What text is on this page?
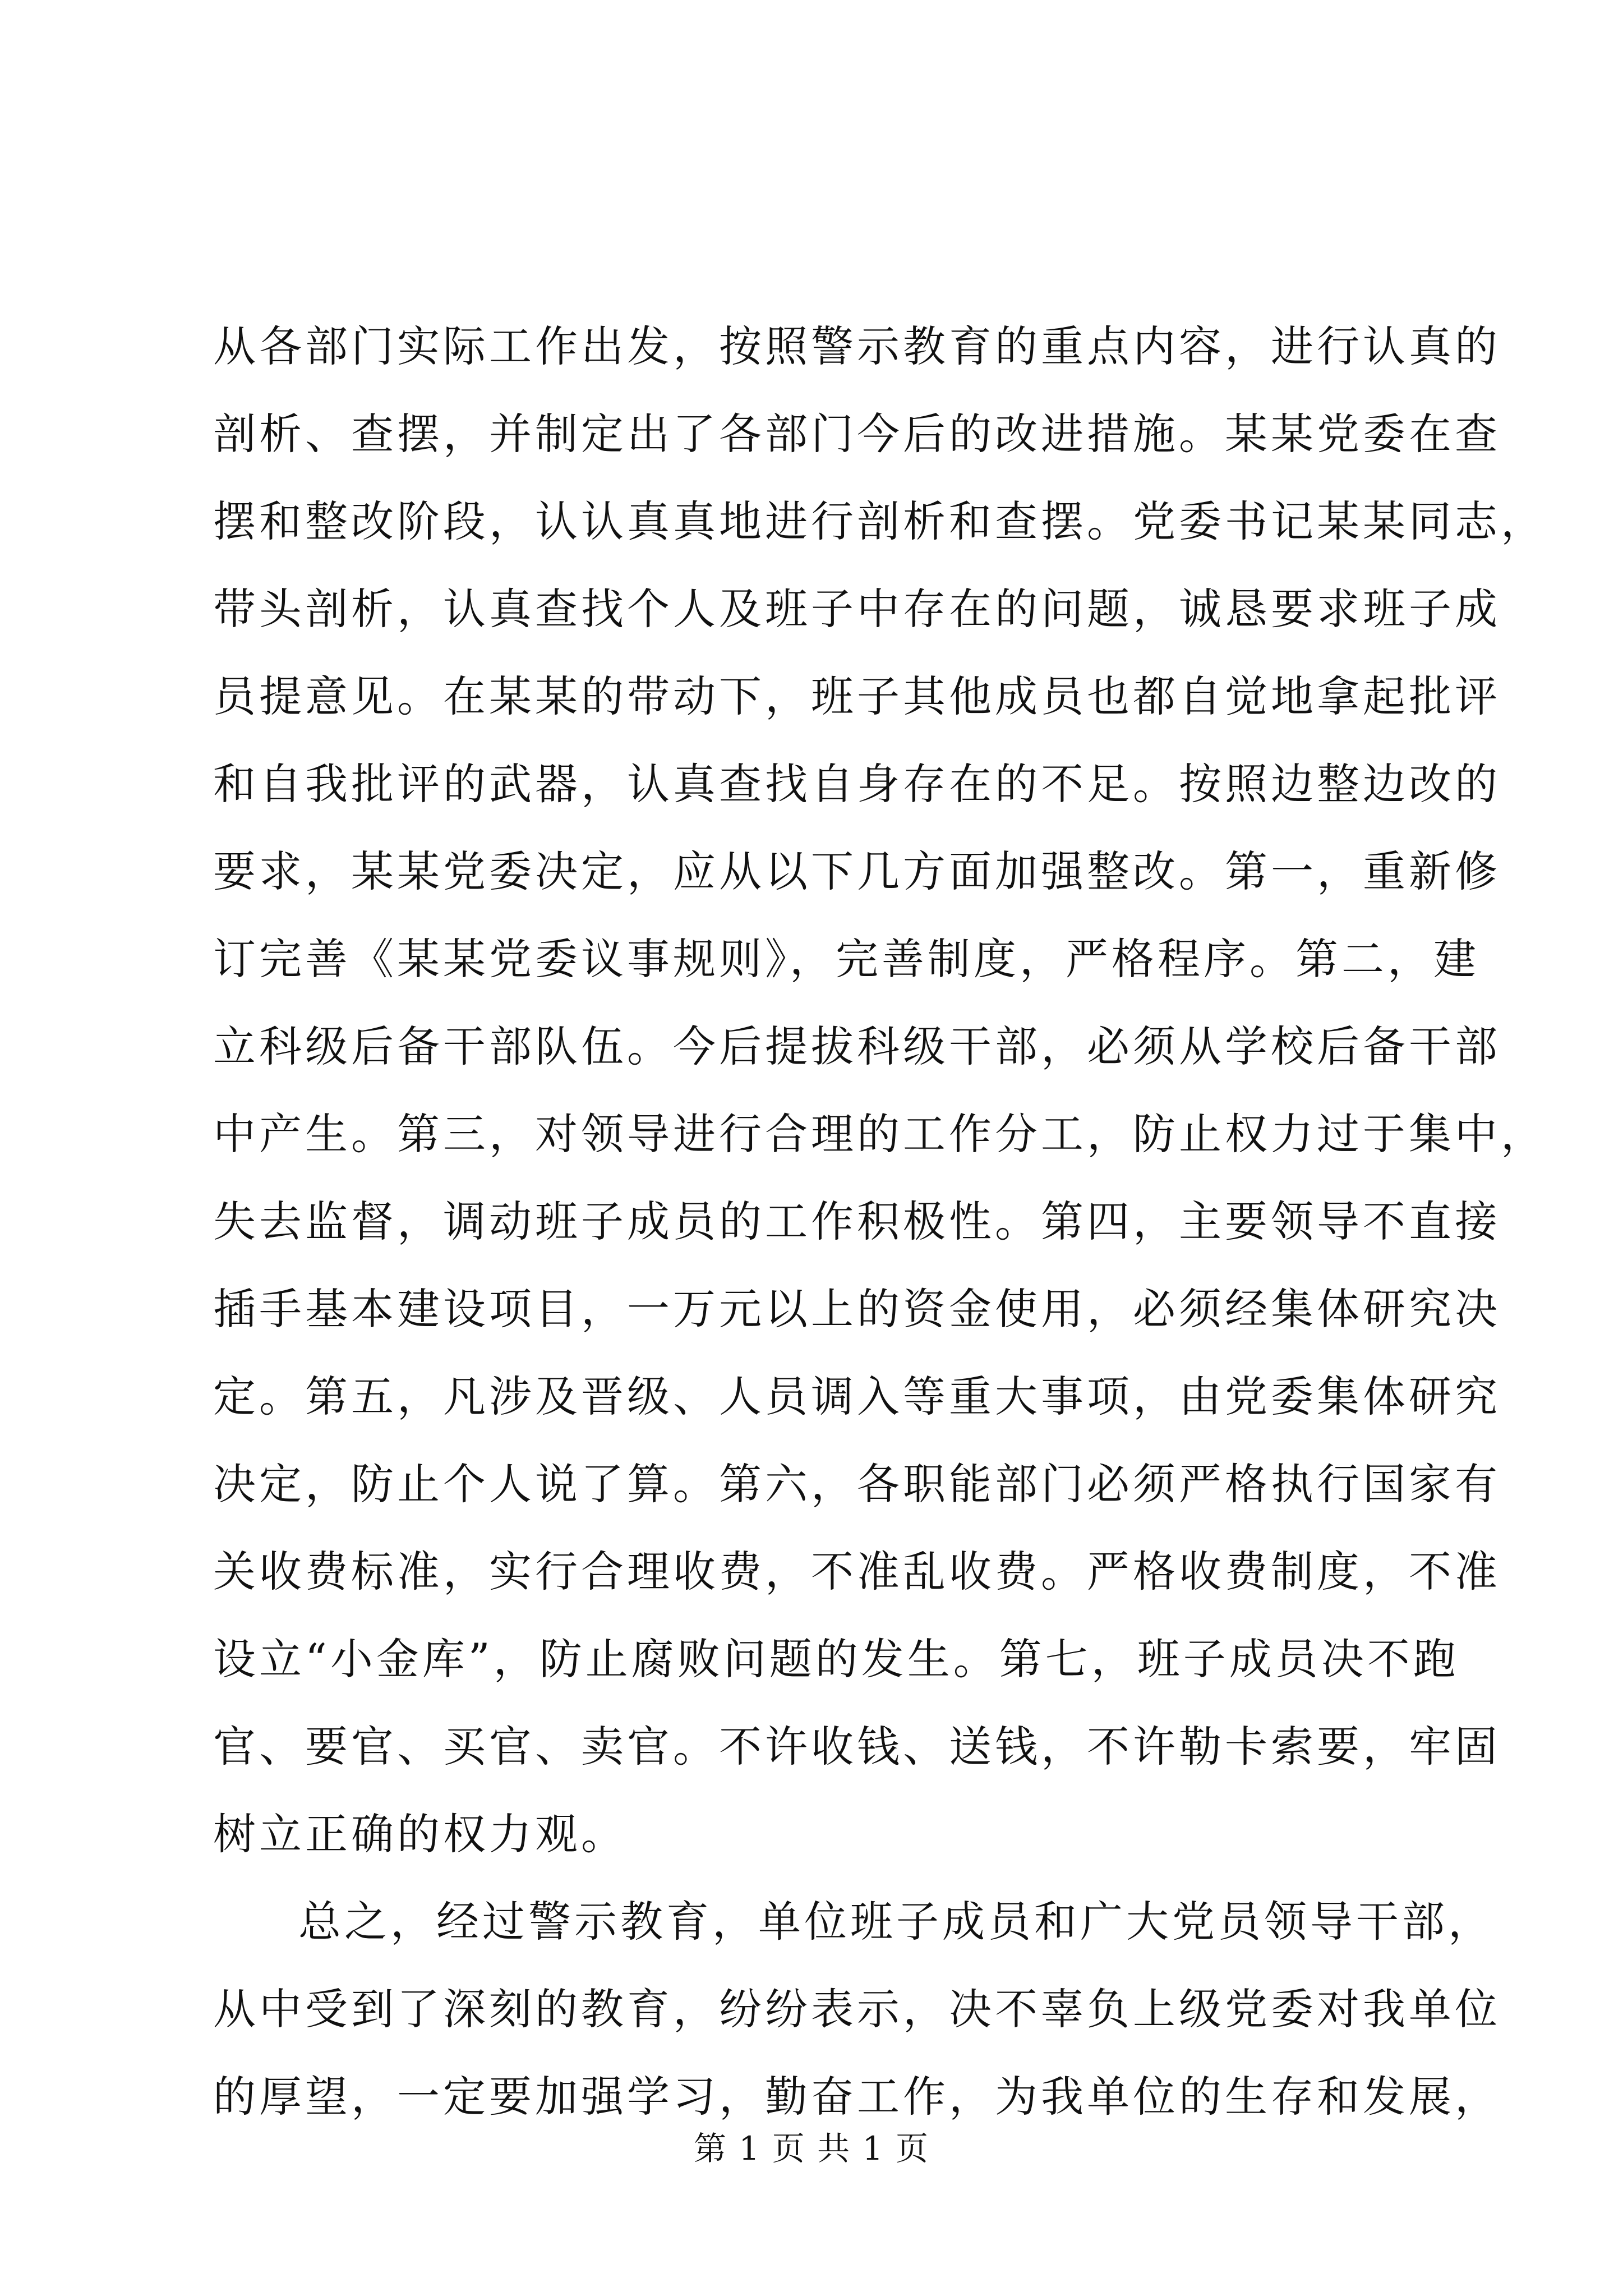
从各部门实际工作出发，按照警示教育的重点内容，进行认真的
剖析、查摆，并制定出了各部门今后的改进措施。某某党委在查
摆和整改阶段，认认真真地进行剖析和查摆。党委书记某某同志，
带头剖析，认真查找个人及班子中存在的问题，诚恳要求班子成
员提意见。在某某的带动下，班子其他成员也都自觉地拿起批评
和自我批评的武器，认真查找自身存在的不足。按照边整边改的
要求，某某党委决定，应从以下几方面加强整改。第一，重新修
订完善《某某党委议事规则》，完善制度，严格程序。第二，建
立科级后备干部队伍。今后提拔科级干部，必须从学校后备干部
中产生。第三，对领导进行合理的工作分工，防止权力过于集中，
失去监督，调动班子成员的工作积极性。第四，主要领导不直接
插手基本建设项目，一万元以上的资金使用，必须经集体研究决
定。第五，凡涉及晋级、人员调入等重大事项，由党委集体研究
决定，防止个人说了算。第六，各职能部门必须严格执行国家有
关收费标准，实行合理收费，不准乱收费。严格收费制度，不准
设立“小金库”，防止腐败问题的发生。第七，班子成员决不跑
官、要官、买官、卖官。不许收钱、送钱，不许勒卡索要，牢固
树立正确的权力观。
总之，经过警示教育，单位班子成员和广大党员领导干部，
从中受到了深刻的教育，纷纷表示，决不辜负上级党委对我单位
的厚望，一定要加强学习，勤奋工作，为我单位的生存和发展，
第 1 页 共 1 页
